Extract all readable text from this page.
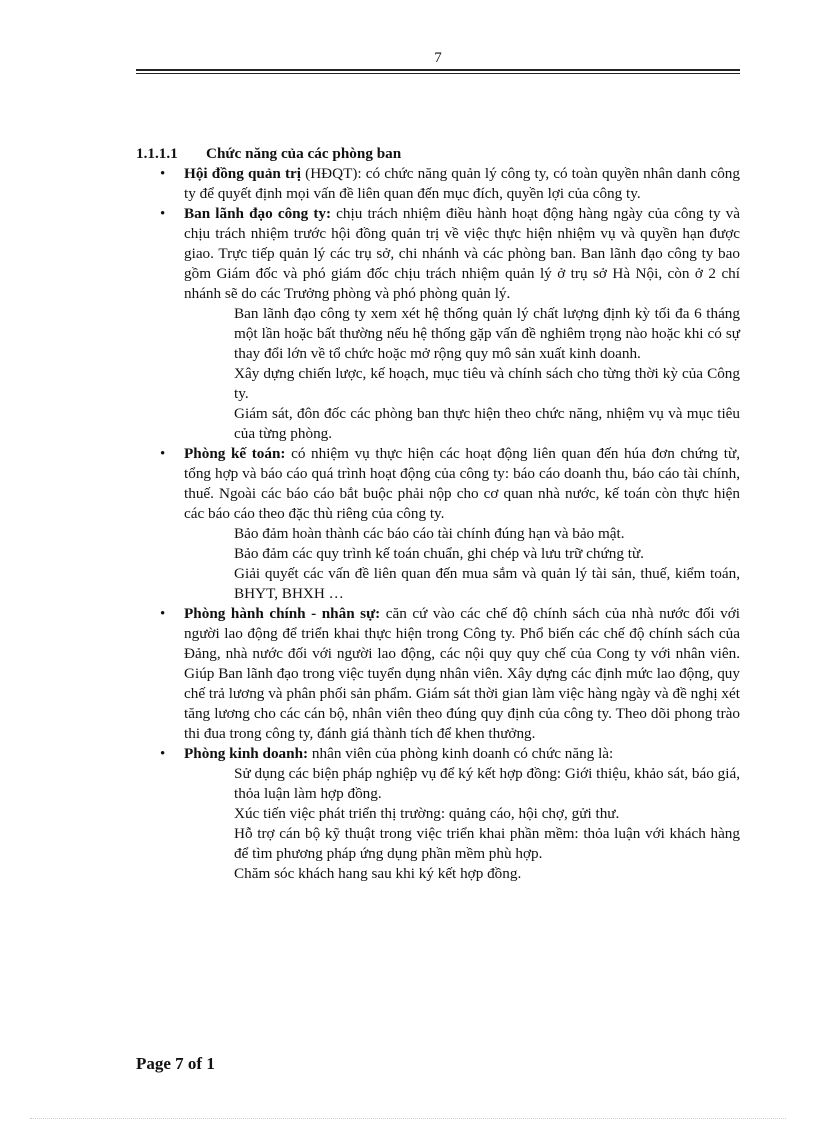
7
1.1.1.1	Chức năng của các phòng ban
• Hội đồng quản trị (HĐQT): có chức năng quản lý công ty, có toàn quyền nhân danh công ty để quyết định mọi vấn đề liên quan đến mục đích, quyền lợi của công ty.
• Ban lãnh đạo công ty: chịu trách nhiệm điều hành hoạt động hàng ngày của công ty và chịu trách nhiệm trước hội đồng quản trị về việc thực hiện nhiệm vụ và quyền hạn được giao. Trực tiếp quản lý các trụ sở, chi nhánh và các phòng ban. Ban lãnh đạo công ty bao gồm Giám đốc và phó giám đốc chịu trách nhiệm quản lý ở trụ sở Hà Nội, còn ở 2 chí nhánh sẽ do các Trưởng phòng và phó phòng quản lý.
Ban lãnh đạo công ty xem xét hệ thống quản lý chất lượng định kỳ tối đa 6 tháng một lần hoặc bất thường nếu hệ thống gặp vấn đề nghiêm trọng nào hoặc khi có sự thay đổi lớn về tổ chức hoặc mở rộng quy mô sản xuất kinh doanh.
Xây dựng chiến lược, kế hoạch, mục tiêu và chính sách cho từng thời kỳ của Công ty.
Giám sát, đôn đốc các phòng ban thực hiện theo chức năng, nhiệm vụ và mục tiêu của từng phòng.
• Phòng kế toán: có nhiệm vụ thực hiện các hoạt động liên quan đến húa đơn chứng từ, tổng hợp và báo cáo quá trình hoạt động của công ty: báo cáo doanh thu, báo cáo tài chính, thuế. Ngoài các báo cáo bắt buộc phải nộp cho cơ quan nhà nước, kế toán còn thực hiện các báo cáo theo đặc thù riêng của công ty.
Bảo đảm hoàn thành các báo cáo tài chính đúng hạn và bảo mật.
Bảo đảm các quy trình kế toán chuẩn, ghi chép và lưu trữ chứng từ.
Giải quyết các vấn đề liên quan đến mua sắm và quản lý tài sản, thuế, kiểm toán, BHYT, BHXH …
• Phòng hành chính - nhân sự: căn cứ vào các chế độ chính sách của nhà nước đối với người lao động để triển khai thực hiện trong Công ty. Phổ biến các chế độ chính sách của Đảng, nhà nước đối với người lao động, các nội quy quy chế của Cong ty với nhân viên. Giúp Ban lãnh đạo trong việc tuyển dụng nhân viên. Xây dựng các định mức lao động, quy chế trả lương và phân phối sản phẩm. Giám sát thời gian làm việc hàng ngày và đề nghị xét tăng lương cho các cán bộ, nhân viên theo đúng quy định của công ty. Theo dõi phong trào thi đua trong công ty, đánh giá thành tích để khen thưởng.
• Phòng kinh doanh: nhân viên của phòng kinh doanh có chức năng là:
Sử dụng các biện pháp nghiệp vụ để ký kết hợp đồng: Giới thiệu, khảo sát, báo giá, thỏa luận làm hợp đồng.
Xúc tiến việc phát triển thị trường: quảng cáo, hội chợ, gửi thư.
Hỗ trợ cán bộ kỹ thuật trong việc triển khai phần mềm: thỏa luận với khách hàng để tìm phương pháp ứng dụng phần mềm phù hợp.
Chăm sóc khách hang sau khi ký kết hợp đồng.
Page 7 of 1
